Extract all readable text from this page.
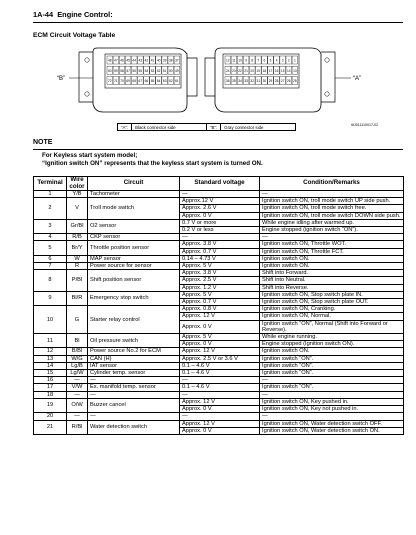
1A-44 Engine Control:
ECM Circuit Voltage Table
“B”	“A”
48 47 46 45 44 43 42 41 40 39 38 37
60 59 58 57 56 55 54 53 52 51 50 49
72 71 70 69 68 67 66 65 64 63 62 61
12 11 10 9 8 7 6 5 4 3 2 1
24 23 22 21 20 19 18 17 16 15 14 13
36 35 34 33 32 31 30 29 28 27 26 25
I6J011110017-02
“A”:	Black connector side	“B”:	Gray connector side
NOTE
For Keyless start system model;
“Ignition switch ON” represents that the keyless start system is turned ON.
Terminal	Wire color	Circuit	Standard voltage	Condition/Remarks
1	Y/B	Tachometer	—	—
2	V	Troll mode switch	Approx.12 V	Ignition switch ON, troll mode switch UP side push.
			Approx. 2.6 V	Ignition switch ON, troll mode switch free.
			Approx. 0 V	Ignition switch ON, troll mode switch DOWN side push.
3	Gr/Bl	O2 sensor	0.7 V or more	While engine idling after warmed up.
			0.2 V or less	Engine stopped (ignition switch “ON”).
4	R/B	CKP sensor	—	—
5	Br/Y	Throttle position sensor	Approx. 3.8 V	Ignition switch ON, Throttle WOT.
			Approx. 0.7 V	Ignition switch ON, Throttle FCT.
6	W	MAP sensor	0.14 – 4.73 V	Ignition switch ON.
7	R	Power source for sensor	Approx. 5 V	Ignition switch ON.
8	P/Bl	Shift position sensor	Approx. 3.8 V	Shift into Forward.
			Approx. 2.5 V	Shift into Neutral.
			Approx. 1.2 V	Shift into Reverse.
9	Bl/R	Emergency stop switch	Approx. 5 V	Ignition switch ON, Stop switch plate IN.
			Approx. 0.7 V	Ignition switch ON, Stop switch plate OUT.
10	G	Starter relay control	Approx. 0.8 V	Ignition switch ON, Cranking.
			Approx. 12 V	Ignition switch ON, Normal.
			Approx. 0 V	Ignition switch “ON”, Normal (Shift into Forward or Reverse).
11	Bl	Oil pressure switch	Approx. 5 V	While engine running.
			Approx. 0 V	Engine stopped (Ignition switch ON).
12	B/Bl	Power source No.2 for ECM	Approx. 12 V	Ignition switch ON.
13	W/G	CAN (H)	Approx. 2.5 V or 3.6 V	Ignition switch “ON”.
14	Lg/B	IAT sensor	0.1 – 4.6 V	Ignition switch “ON”.
15	Lg/W	Cylinder temp. sensor	0.1 – 4.6 V	Ignition switch “ON”.
16	—	—	—	—
17	V/W	Ex. manifold temp. sensor	0.1 – 4.6 V	Ignition switch “ON”.
18	—	—	—	—
19	O/W	Buzzer cancel	Approx. 12 V	Ignition switch ON, Key pushed in.
			Approx. 0 V	Ignition switch ON, Key not pushed in.
20	—	—	—	—
21	R/Bl	Water detection switch	Approx. 12 V	Ignition switch ON, Water detection switch OFF.
			Approx. 0 V	Ignition switch ON, Water detection switch ON.
